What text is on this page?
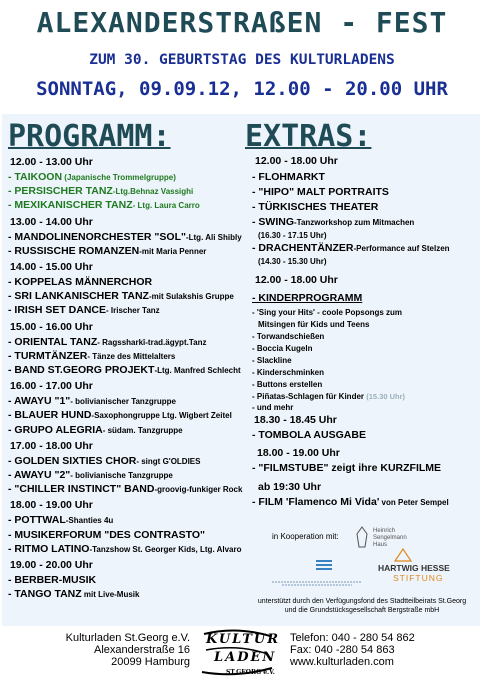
ALEXANDERSTRAßEN - FEST
ZUM 30. GEBURTSTAG DES KULTURLADENS
SONNTAG, 09.09.12, 12.00 - 20.00 UHR
PROGRAMM: EXTRAS:
12.00 - 13.00 Uhr
- TAIKOON (Japanische Trommelgruppe)
- PERSISCHER TANZ-Ltg.Behnaz Vassighi
- MEXIKANISCHER TANZ- Ltg. Laura Carro
13.00 - 14.00 Uhr
- MANDOLINENORCHESTER "SOL"-Ltg. Ali Shibly
- RUSSISCHE ROMANZEN-mit Maria Penner
14.00 - 15.00 Uhr
- KOPPELAS MÄNNERCHOR
- SRI LANKANISCHER TANZ-mit Sulakshis Gruppe
- IRISH SET DANCE- Irischer Tanz
15.00 - 16.00 Uhr
- ORIENTAL TANZ- Ragssharkî-trad.ägypt.Tanz
- TURMTÄNZER- Tänze des Mittelalters
- BAND ST.GEORG PROJEKT-Ltg. Manfred Schlecht
16.00 - 17.00 Uhr
- AWAYU "1"- bolivianischer Tanzgruppe
- BLAUER HUND-Saxophongruppe Ltg. Wigbert Zeitel
- GRUPO ALEGRIA- südam. Tanzgruppe
17.00 - 18.00 Uhr
- GOLDEN SIXTIES CHOR- singt G'OLDIES
- AWAYU "2"- bolivianische Tanzgruppe
- "CHILLER INSTINCT" BAND-groovig-funkiger Rock
18.00 - 19.00 Uhr
- POTTWAL-Shanties 4u
- MUSIKERFORUM "DES CONTRASTO"
- RITMO LATINO-Tanzshow St. Georger Kids, Ltg. Alvaro
19.00 - 20.00 Uhr
- BERBER-MUSIK
- TANGO TANZ mit Live-Musik
12.00 - 18.00 Uhr
- FLOHMARKT
- "HIPO" MALT PORTRAITS
- TÜRKISCHES THEATER
- SWING-Tanzworkshop zum Mitmachen
(16.30 - 17.15 Uhr)
- DRACHENTÄNZER-Performance auf Stelzen
(14.30 - 15.30 Uhr)
12.00 - 18.00 Uhr
- KINDERPROGRAMM
- 'Sing your Hits' - coole Popsongs zum
Mitsingen für Kids und Teens
- Torwandschießen
- Boccia Kugeln
- Slackline
- Kinderschminken
- Buttons erstellen
- Piñatas-Schlagen für Kinder (15.30 Uhr)
- und mehr
18.30 - 18.45 Uhr
- TOMBOLA AUSGABE
18.00 - 19.00 Uhr
- "FILMSTUBE" zeigt ihre KURZFILME
ab 19:30 Uhr
- FILM 'Flamenco Mi Vida' von Peter Sempel
in Kooperation mit:
Heinrich
Sengelmann
Haus
HARTWIG HESSE
STIFTUNG
unterstützt durch den Verfügungsfond des Stadtteilbeirats St.Georg
und die Grundstücksgesellschaft Bergstraße mbH
Kulturladen St.Georg e.V.
Alexanderstraße 16
20099 Hamburg
KULTUR
LADEN
ST.GEORG e.V.
Telefon: 040 - 280 54 862
Fax: 040 -280 54 863
www.kulturladen.com
